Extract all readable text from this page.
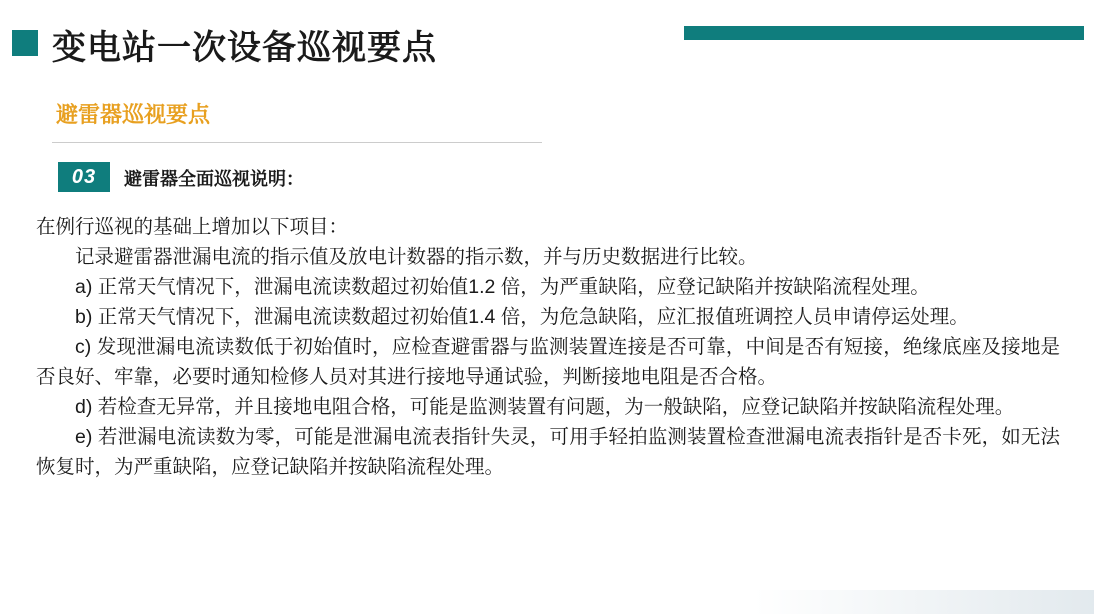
变电站一次设备巡视要点
避雷器巡视要点
03	避雷器全面巡视说明：

在例行巡视的基础上增加以下项目：

记录避雷器泄漏电流的指示值及放电计数器的指示数，并与历史数据进行比较。

a) 正常天气情况下，泄漏电流读数超过初始值1.2 倍，为严重缺陷，应登记缺陷并按缺陷流程处理。

b) 正常天气情况下，泄漏电流读数超过初始值1.4 倍，为危急缺陷，应汇报值班调控人员申请停运处理。

c) 发现泄漏电流读数低于初始值时，应检查避雷器与监测装置连接是否可靠，中间是否有短接，绝缘底座及接地是否良好、牢靠，必要时通知检修人员对其进行接地导通试验，判断接地电阻是否合格。

d) 若检查无异常，并且接地电阻合格，可能是监测装置有问题，为一般缺陷，应登记缺陷并按缺陷流程处理。

e) 若泄漏电流读数为零，可能是泄漏电流表指针失灵，可用手轻拍监测装置检查泄漏电流表指针是否卡死，如无法恢复时，为严重缺陷，应登记缺陷并按缺陷流程处理。
